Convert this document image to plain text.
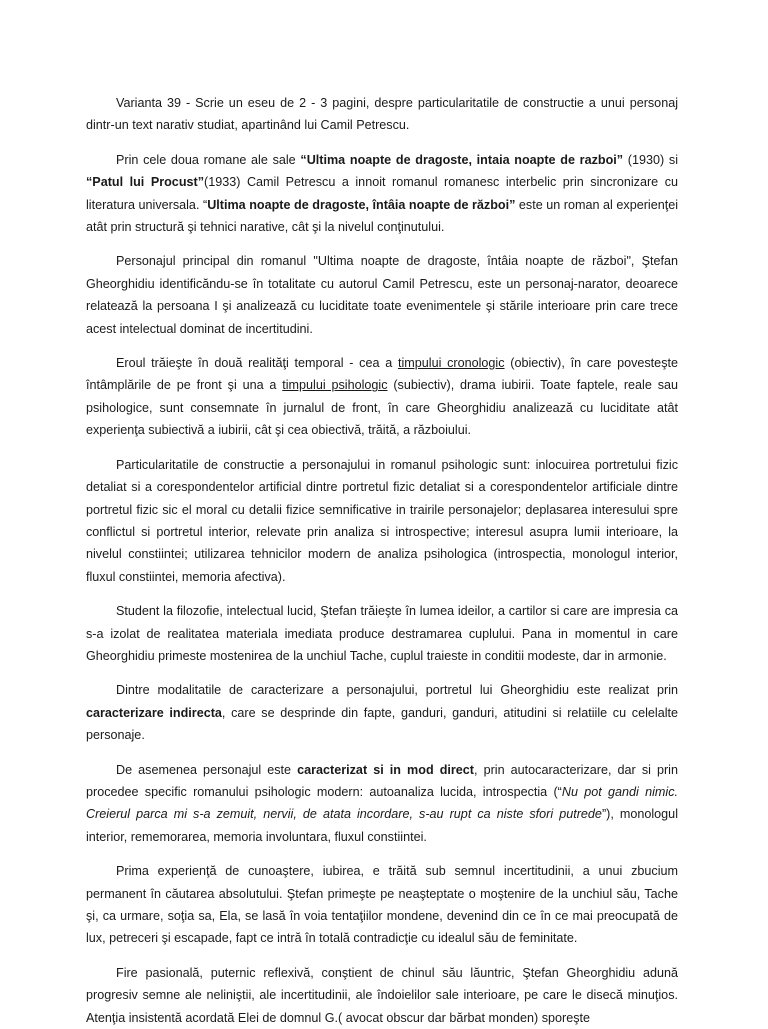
Varianta 39 - Scrie un eseu de 2 - 3 pagini, despre particularitatile de constructie a unui personaj dintr-un text narativ studiat, apartinând lui Camil Petrescu.

Prin cele doua romane ale sale “Ultima noapte de dragoste, intaia noapte de razboi” (1930) si “Patul lui Procust”(1933) Camil Petrescu a innoit romanul romanesc interbelic prin sincronizare cu literatura universala. “Ultima noapte de dragoste, întâia noapte de război” este un roman al experienţei atât prin structură şi tehnici narative, cât şi la nivelul conţinutului.

Personajul principal din romanul "Ultima noapte de dragoste, întâia noapte de război", Ştefan Gheorghidiu identificăndu-se în totalitate cu autorul Camil Petrescu, este un personaj-narator, deoarece relatează la persoana I şi analizează cu luciditate toate evenimentele şi stările interioare prin care trece acest intelectual dominat de incertitudini.

Eroul trăieşte în două realităţi temporal - cea a timpului cronologic (obiectiv), în care povesteşte întâmplările de pe front şi una a timpului psihologic (subiectiv), drama iubirii. Toate faptele, reale sau psihologice, sunt consemnate în jurnalul de front, în care Gheorghidiu analizează cu luciditate atât experienţa subiectivă a iubirii, cât şi cea obiectivă, trăită, a războiului.

Particularitatile de constructie a personajului in romanul psihologic sunt: inlocuirea portretului fizic detaliat si a corespondentelor artificial dintre portretul fizic detaliat si a corespondentelor artificiale dintre portretul fizic sic el moral cu detalii fizice semnificative in trairile personajelor; deplasarea interesului spre conflictul si portretul interior, relevate prin analiza si introspective; interesul asupra lumii interioare, la nivelul constiintei; utilizarea tehnicilor modern de analiza psihologica (introspectia, monologul interior, fluxul constiintei, memoria afectiva).

Student la filozofie, intelectual lucid, Ştefan trăieşte în lumea ideilor, a cartilor si care are impresia ca s-a izolat de realitatea materiala imediata produce destramarea cuplului. Pana in momentul in care Gheorghidiu primeste mostenirea de la unchiul Tache, cuplul traieste in conditii modeste, dar in armonie.

Dintre modalitatile de caracterizare a personajului, portretul lui Gheorghidiu este realizat prin caracterizare indirecta, care se desprinde din fapte, ganduri, ganduri, atitudini si relatiile cu celelalte personaje.

De asemenea personajul este caracterizat si in mod direct, prin autocaracterizare, dar si prin procedee specific romanului psihologic modern: autoanaliza lucida, introspectia (“Nu pot gandi nimic. Creierul parca mi s-a zemuit, nervii, de atata incordare, s-au rupt ca niste sfori putrede”), monologul interior, rememorarea, memoria involuntara, fluxul constiintei.

Prima experienţă de cunoaştere, iubirea, e trăită sub semnul incertitudinii, a unui zbucium permanent în căutarea absolutului. Ştefan primeşte pe neaşteptate o moştenire de la unchiul său, Tache şi, ca urmare, soţia sa, Ela, se lasă în voia tentaţiilor mondene, devenind din ce în ce mai preocupată de lux, petreceri şi escapade, fapt ce intră în totală contradicţie cu idealul său de feminitate.

Fire pasională, puternic reflexivă, conştient de chinul său lăuntric, Ştefan Gheorghidiu adună progresiv semne ale neliniştii, ale incertitudinii, ale îndoielilor sale interioare, pe care le disecă minuţios. Atenţia insistentă acordată Elei de domnul G.( avocat obscur dar bărbat monden) sporeşte
